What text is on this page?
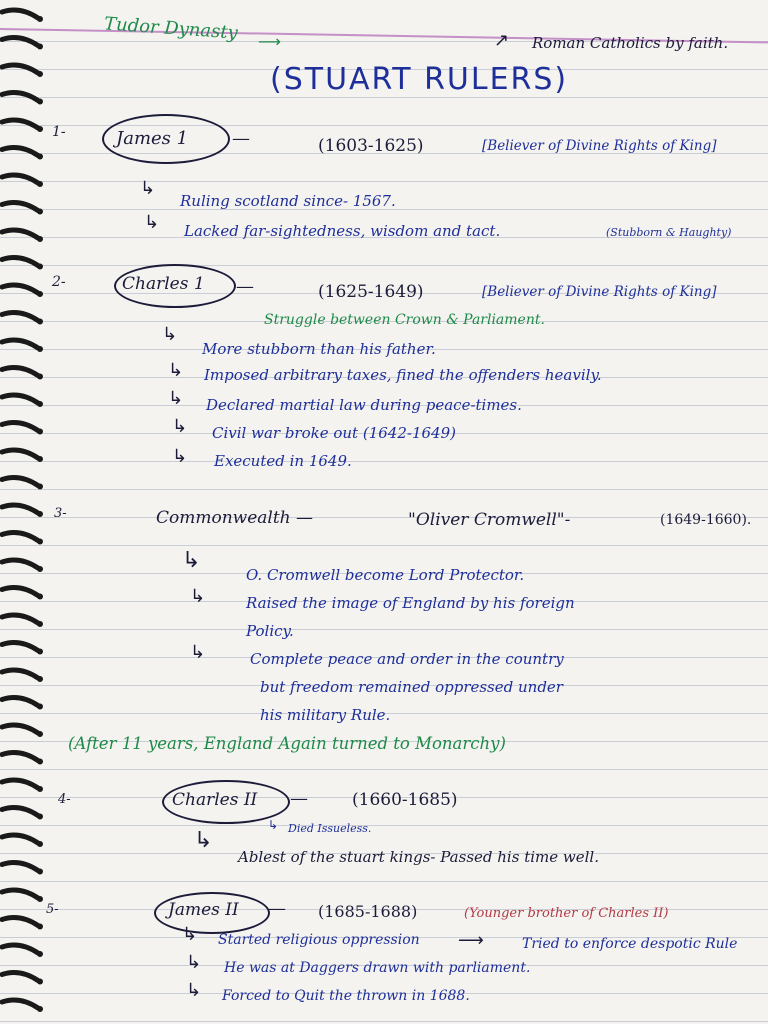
Tudor Dynasty ⟶	↗ Roman Catholics by faith.
(STUART RULERS)
1-	James 1 —	(1603-1625)	[Believer of Divine Rights of King]
↳
Ruling scotland since- 1567.
↳ Lacked far-sightedness, wisdom and tact.	(Stubborn & Haughty)
2-	Charles 1 —	(1625-1649)	[Believer of Divine Rights of King]
Struggle between Crown & Parliament.
↳
More stubborn than his father.
↳ Imposed arbitrary taxes, fined the offenders heavily.
↳ Declared martial law during peace-times.
↳ Civil war broke out (1642-1649)
↳ Executed in 1649.
3-	Commonwealth —	"Oliver Cromwell"-	(1649-1660).
↳
O. Cromwell become Lord Protector.
↳	Raised the image of England by his foreign
Policy.
↳	Complete peace and order in the country
but freedom remained oppressed under
his military Rule.
(After 11 years, England Again turned to Monarchy)
4-	Charles II —	(1660-1685)
↳ Died Issueless.
↳
Ablest of the stuart kings- Passed his time well.
5-	James II — (1685-1688)	(Younger brother of Charles II)
↳ Started religious oppression ⟶	Tried to enforce despotic Rule
↳ He was at Daggers drawn with parliament.
↳ Forced to Quit the thrown in 1688.
